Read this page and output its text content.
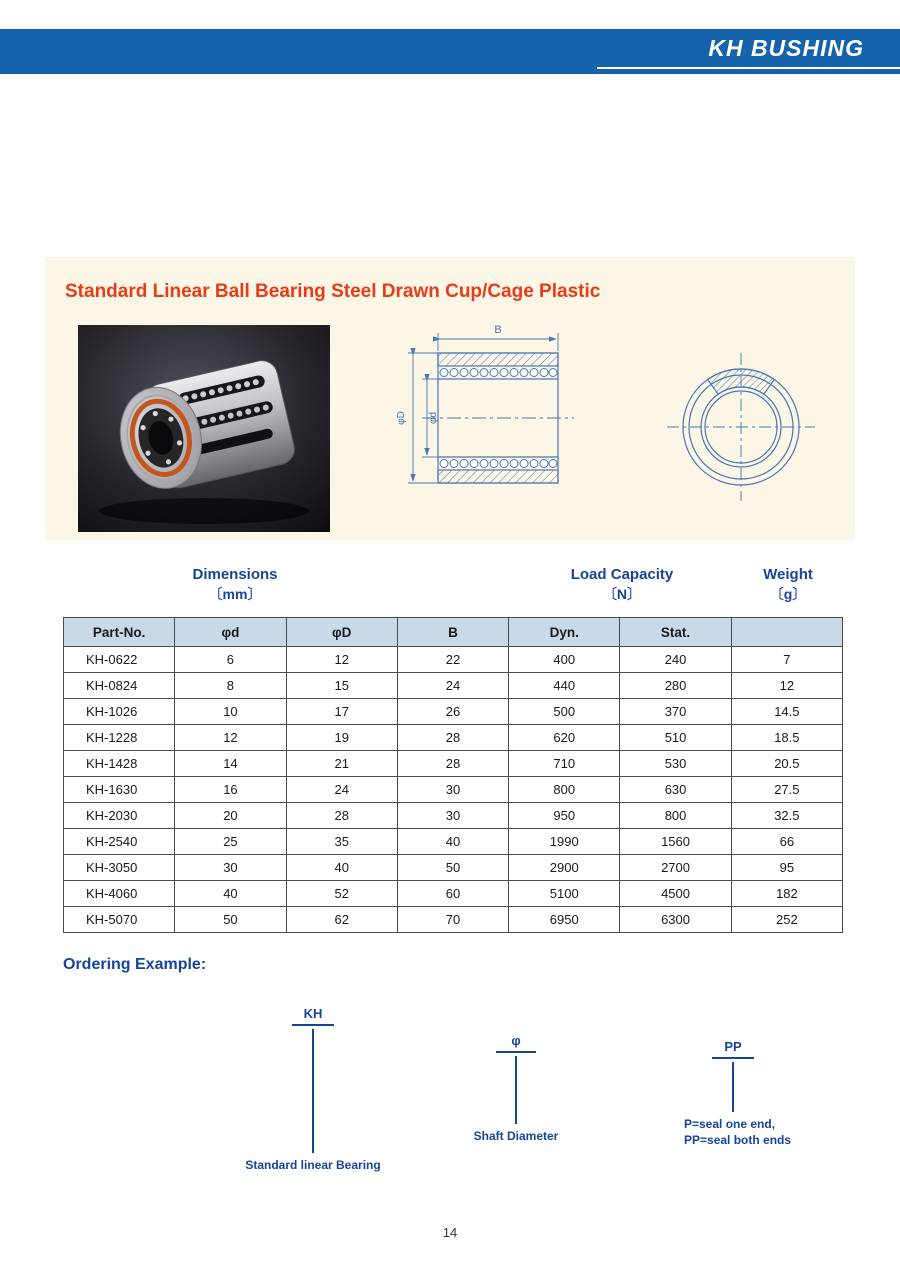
KH BUSHING
Standard Linear Ball Bearing Steel Drawn Cup/Cage Plastic
B
φD φd
Dimensions
〔mm〕
Load Capacity
〔N〕
Weight
〔g〕
Part-No.	φd	φD	B	Dyn.	Stat.	
KH-0622	6	12	22	400	240	7
KH-0824	8	15	24	440	280	12
KH-1026	10	17	26	500	370	14.5
KH-1228	12	19	28	620	510	18.5
KH-1428	14	21	28	710	530	20.5
KH-1630	16	24	30	800	630	27.5
KH-2030	20	28	30	950	800	32.5
KH-2540	25	35	40	1990	1560	66
KH-3050	30	40	50	2900	2700	95
KH-4060	40	52	60	5100	4500	182
KH-5070	50	62	70	6950	6300	252
Ordering Example:
KH
Standard linear Bearing
φ
Shaft Diameter
PP
P=seal one end,
PP=seal both ends
14
